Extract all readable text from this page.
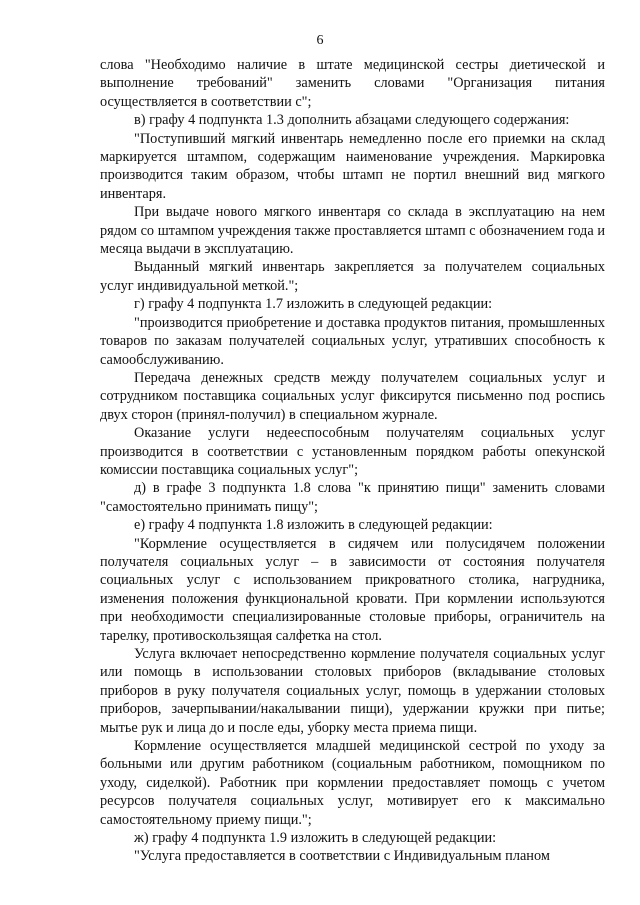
6

слова "Необходимо наличие в штате медицинской сестры диетической и выполнение требований" заменить словами "Организация питания осуществляется в соответствии с";

в) графу 4 подпункта 1.3 дополнить абзацами следующего содержания:

"Поступивший мягкий инвентарь немедленно после его приемки на склад маркируется штампом, содержащим наименование учреждения. Маркировка производится таким образом, чтобы штамп не портил внешний вид мягкого инвентаря.

При выдаче нового мягкого инвентаря со склада в эксплуатацию на нем рядом со штампом учреждения также проставляется штамп с обозначением года и месяца выдачи в эксплуатацию.

Выданный мягкий инвентарь закрепляется за получателем социальных услуг индивидуальной меткой.";

г) графу 4 подпункта 1.7 изложить в следующей редакции:

"производится приобретение и доставка продуктов питания, промышленных товаров по заказам получателей социальных услуг, утративших способность к самообслуживанию.

Передача денежных средств между получателем социальных услуг и сотрудником поставщика социальных услуг фиксирутся письменно под роспись двух сторон (принял-получил) в специальном журнале.

Оказание услуги недееспособным получателям социальных услуг производится в соответствии с установленным порядком работы опекунской комиссии поставщика социальных услуг";

д) в графе 3 подпункта 1.8 слова "к принятию пищи" заменить словами "самостоятельно принимать пищу";

е) графу 4 подпункта 1.8 изложить в следующей редакции:

"Кормление осуществляется в сидячем или полусидячем положении получателя социальных услуг – в зависимости от состояния получателя социальных услуг с использованием прикроватного столика, нагрудника, изменения положения функциональной кровати. При кормлении используются при необходимости специализированные столовые приборы, ограничитель на тарелку, противоскользящая салфетка на стол.

Услуга включает непосредственно кормление получателя социальных услуг или помощь в использовании столовых приборов (вкладывание столовых приборов в руку получателя социальных услуг, помощь в удержании столовых приборов, зачерпывании/накалывании пищи), удержании кружки при питье; мытье рук и лица до и после еды, уборку места приема пищи.

Кормление осуществляется младшей медицинской сестрой по уходу за больными или другим работником (социальным работником, помощником по уходу, сиделкой). Работник при кормлении предоставляет помощь с учетом ресурсов получателя социальных услуг, мотивирует его к максимально самостоятельному приему пищи.";

ж) графу 4 подпункта 1.9 изложить в следующей редакции:

"Услуга предоставляется в соответствии с Индивидуальным планом
